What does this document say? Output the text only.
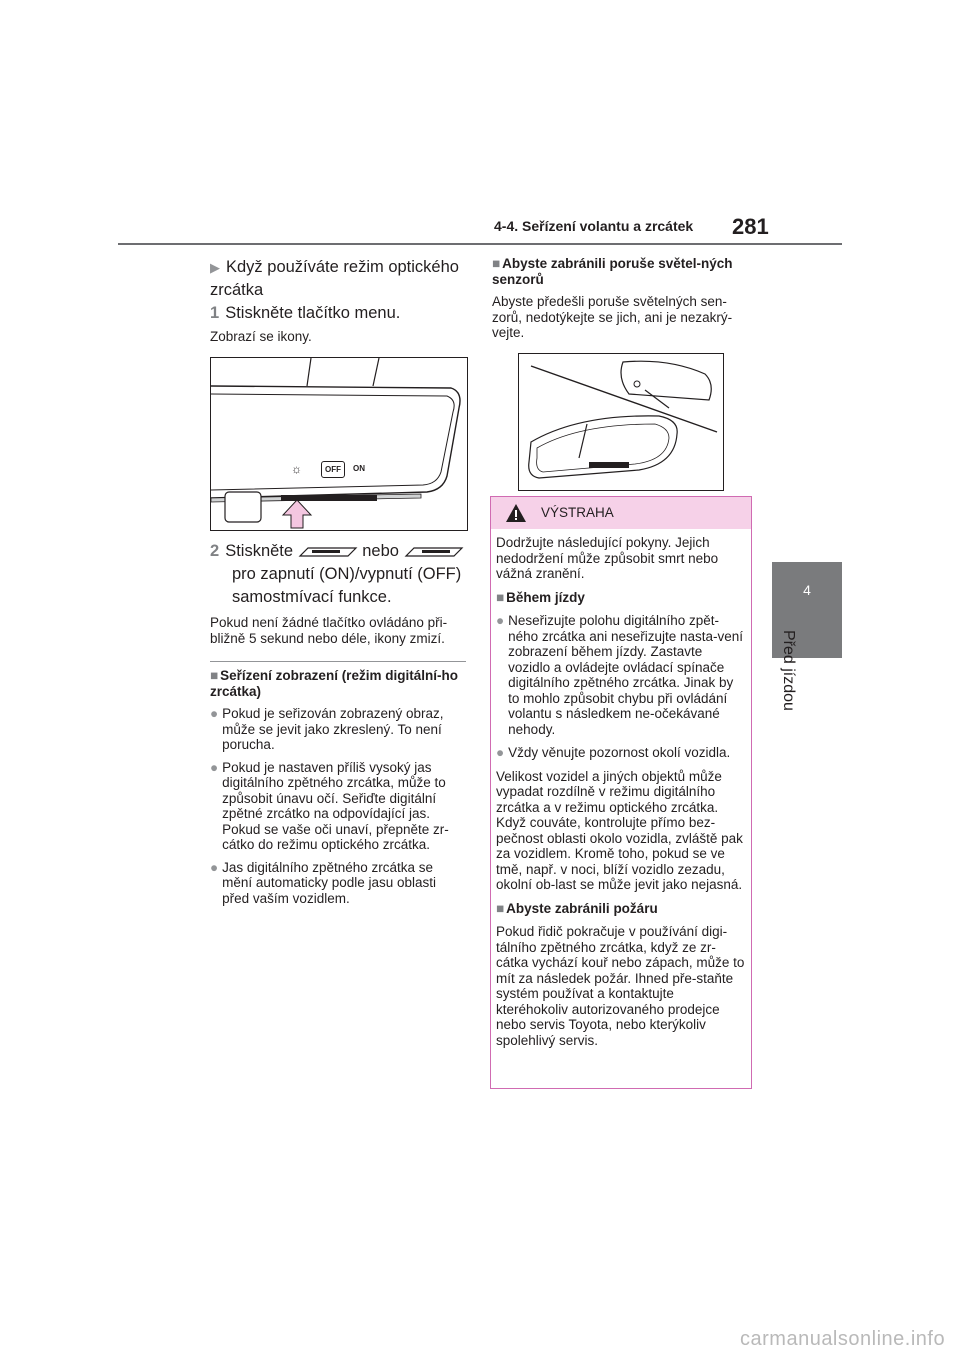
4-4. Seřízení volantu a zrcátek 281
4
Před jízdou
▶ Když používáte režim optického zrcátka
1 Stiskněte tlačítko menu.
Zobrazí se ikony.
☼	OFF	ON
2 Stiskněte	nebo
pro zapnutí (ON)/vypnutí (OFF) samostmívací funkce.
Pokud není žádné tlačítko ovládáno při-bližně 5 sekund nebo déle, ikony zmizí.
■ Seřízení zobrazení (režim digitální-ho zrcátka)
● Pokud je seřizován zobrazený obraz, může se jevit jako zkreslený. To není porucha.
● Pokud je nastaven příliš vysoký jas digitálního zpětného zrcátka, může to způsobit únavu očí. Seřiďte digitální zpětné zrcátko na odpovídající jas. Pokud se vaše oči unaví, přepněte zr-cátko do režimu optického zrcátka.
● Jas digitálního zpětného zrcátka se mění automaticky podle jasu oblasti před vaším vozidlem.
■ Abyste zabránili poruše světel-ných senzorů
Abyste předešli poruše světelných sen-zorů, nedotýkejte se jich, ani je nezakrý-vejte.
VÝSTRAHA
Dodržujte následující pokyny. Jejich nedodržení může způsobit smrt nebo vážná zranění.
■ Během jízdy
● Neseřizujte polohu digitálního zpět-ného zrcátka ani neseřizujte nasta-vení zobrazení během jízdy. Zastavte vozidlo a ovládejte ovládací spínače digitálního zpětného zrcátka. Jinak by to mohlo způsobit chybu při ovládání volantu s následkem ne-očekávané nehody.
● Vždy věnujte pozornost okolí vozidla.
Velikost vozidel a jiných objektů může vypadat rozdílně v režimu digitálního zrcátka a v režimu optického zrcátka. Když couváte, kontrolujte přímo bez-pečnost oblasti okolo vozidla, zvláště pak za vozidlem. Kromě toho, pokud se ve tmě, např. v noci, blíží vozidlo zezadu, okolní ob-last se může jevit jako nejasná.
■ Abyste zabránili požáru
Pokud řidič pokračuje v používání digi-tálního zpětného zrcátka, když ze zr-cátka vychází kouř nebo zápach, může to mít za následek požár. Ihned pře-staňte systém používat a kontaktujte kteréhokoliv autorizovaného prodejce nebo servis Toyota, nebo kterýkoliv spolehlivý servis.
carmanualsonline.info
